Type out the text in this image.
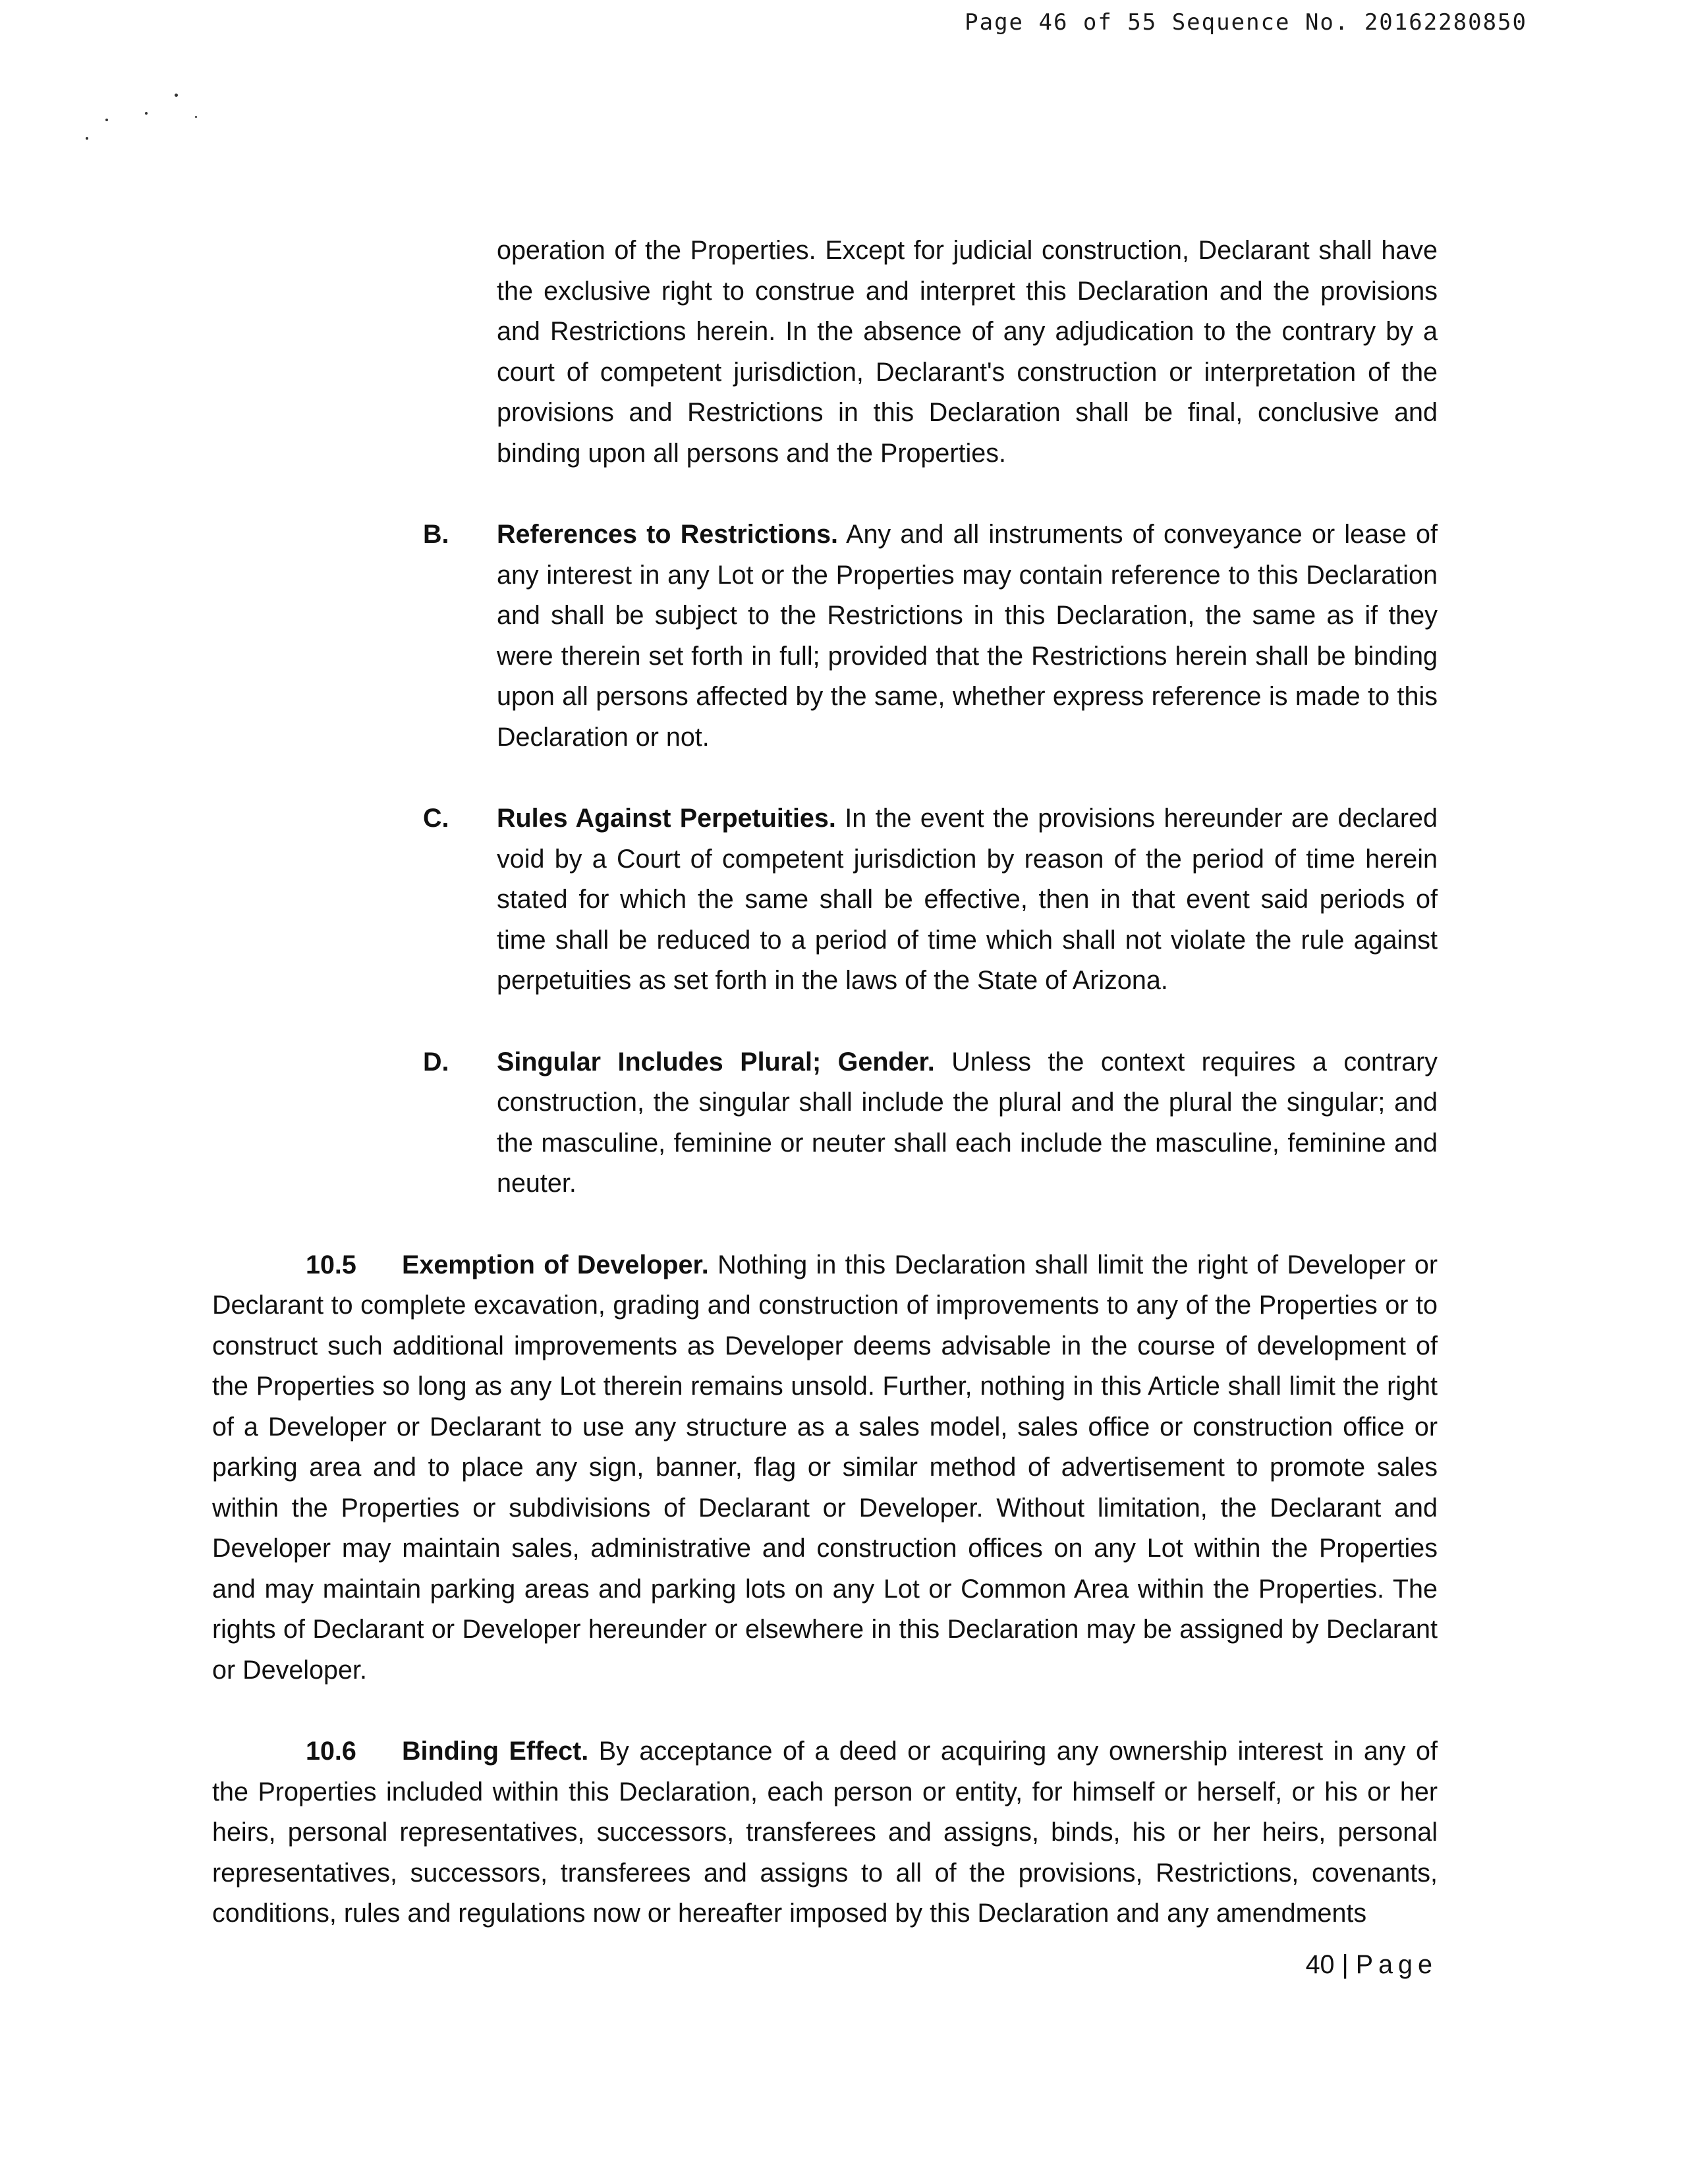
Page 46 of 55 Sequence No. 20162280850

operation of the Properties. Except for judicial construction, Declarant shall have the exclusive right to construe and interpret this Declaration and the provisions and Restrictions herein. In the absence of any adjudication to the contrary by a court of competent jurisdiction, Declarant's construction or interpretation of the provisions and Restrictions in this Declaration shall be final, conclusive and binding upon all persons and the Properties.

B.	References to Restrictions. Any and all instruments of conveyance or lease of any interest in any Lot or the Properties may contain reference to this Declaration and shall be subject to the Restrictions in this Declaration, the same as if they were therein set forth in full; provided that the Restrictions herein shall be binding upon all persons affected by the same, whether express reference is made to this Declaration or not.
C.	Rules Against Perpetuities. In the event the provisions hereunder are declared void by a Court of competent jurisdiction by reason of the period of time herein stated for which the same shall be effective, then in that event said periods of time shall be reduced to a period of time which shall not violate the rule against perpetuities as set forth in the laws of the State of Arizona.
D.	Singular Includes Plural; Gender. Unless the context requires a contrary construction, the singular shall include the plural and the plural the singular; and the masculine, feminine or neuter shall each include the masculine, feminine and neuter.

10.5 Exemption of Developer. Nothing in this Declaration shall limit the right of Developer or Declarant to complete excavation, grading and construction of improvements to any of the Properties or to construct such additional improvements as Developer deems advisable in the course of development of the Properties so long as any Lot therein remains unsold. Further, nothing in this Article shall limit the right of a Developer or Declarant to use any structure as a sales model, sales office or construction office or parking area and to place any sign, banner, flag or similar method of advertisement to promote sales within the Properties or subdivisions of Declarant or Developer. Without limitation, the Declarant and Developer may maintain sales, administrative and construction offices on any Lot within the Properties and may maintain parking areas and parking lots on any Lot or Common Area within the Properties. The rights of Declarant or Developer hereunder or elsewhere in this Declaration may be assigned by Declarant or Developer.

10.6 Binding Effect. By acceptance of a deed or acquiring any ownership interest in any of the Properties included within this Declaration, each person or entity, for himself or herself, or his or her heirs, personal representatives, successors, transferees and assigns, binds, his or her heirs, personal representatives, successors, transferees and assigns to all of the provisions, Restrictions, covenants, conditions, rules and regulations now or hereafter imposed by this Declaration and any amendments

40 | Page
